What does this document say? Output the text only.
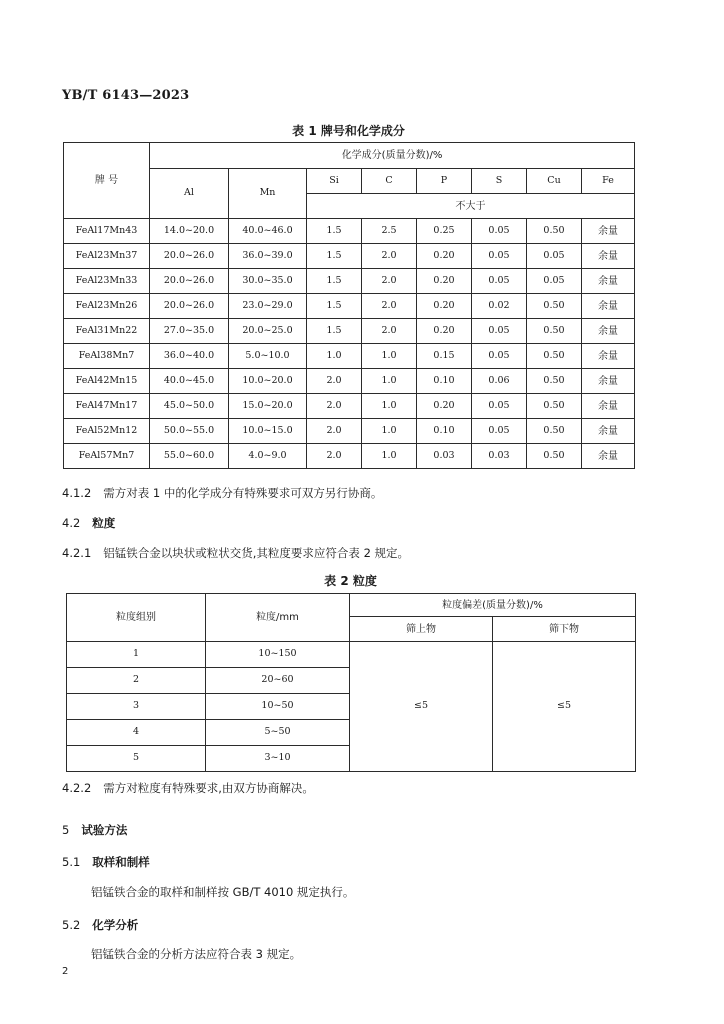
YB/T 6143—2023
表 1 牌号和化学成分
牌 号	化学成分(质量分数)/%							
	Al	Mn	Si	C	P	S	Cu	Fe
			不大于					
FeAl17Mn43	14.0~20.0	40.0~46.0	1.5	2.5	0.25	0.05	0.50	余量
FeAl23Mn37	20.0~26.0	36.0~39.0	1.5	2.0	0.20	0.05	0.05	余量
FeAl23Mn33	20.0~26.0	30.0~35.0	1.5	2.0	0.20	0.05	0.05	余量
FeAl23Mn26	20.0~26.0	23.0~29.0	1.5	2.0	0.20	0.02	0.50	余量
FeAl31Mn22	27.0~35.0	20.0~25.0	1.5	2.0	0.20	0.05	0.50	余量
FeAl38Mn7	36.0~40.0	5.0~10.0	1.0	1.0	0.15	0.05	0.50	余量
FeAl42Mn15	40.0~45.0	10.0~20.0	2.0	1.0	0.10	0.06	0.50	余量
FeAl47Mn17	45.0~50.0	15.0~20.0	2.0	1.0	0.20	0.05	0.50	余量
FeAl52Mn12	50.0~55.0	10.0~15.0	2.0	1.0	0.10	0.05	0.50	余量
FeAl57Mn7	55.0~60.0	4.0~9.0	2.0	1.0	0.03	0.03	0.50	余量
4.1.2 需方对表 1 中的化学成分有特殊要求可双方另行协商。
4.2 粒度
4.2.1 铝锰铁合金以块状或粒状交货,其粒度要求应符合表 2 规定。
表 2 粒度
粒度组别	粒度/mm	粒度偏差(质量分数)/%	
		筛上物	筛下物
1	10~150	≤5	≤5
2	20~60		
3	10~50		
4	5~50		
5	3~10		
4.2.2 需方对粒度有特殊要求,由双方协商解决。
5 试验方法
5.1 取样和制样
铝锰铁合金的取样和制样按 GB/T 4010 规定执行。
5.2 化学分析
铝锰铁合金的分析方法应符合表 3 规定。
2
